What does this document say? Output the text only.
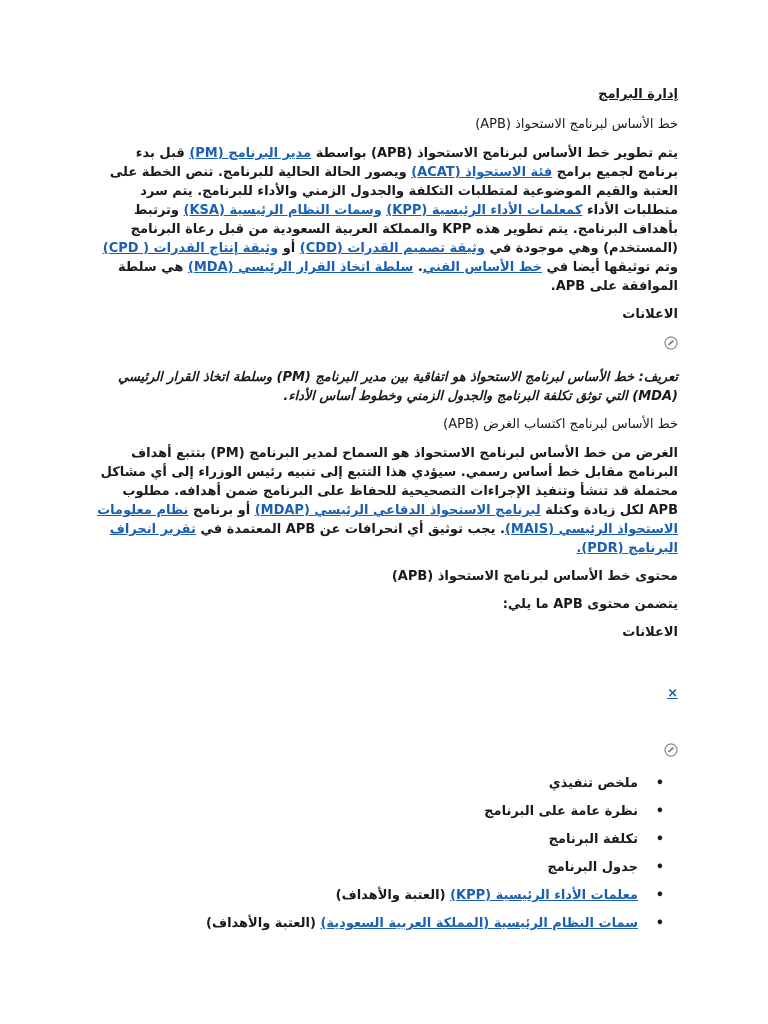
إدارة البرامج
خط الأساس لبرنامج الاستحواذ (APB)

يتم تطوير خط الأساس لبرنامج الاستحواذ (APB) بواسطة مدير البرنامج (PM) قبل بدء برنامج لجميع برامج فئة الاستحواذ (ACAT) ويصور الحالة الحالية للبرنامج. تنص الخطة على العتبة والقيم الموضوعية لمتطلبات التكلفة والجدول الزمني والأداء للبرنامج. يتم سرد متطلبات الأداء كمعلمات الأداء الرئيسية (KPP) وسمات النظام الرئيسية (KSA) وترتبط بأهداف البرنامج. يتم تطوير هذه KPP والمملكة العربية السعودية من قبل رعاة البرنامج (المستخدم) وهي موجودة في وثيقة تصميم القدرات (CDD) أو وثيقة إنتاج القدرات ( CPD) وتم توثيقها أيضا في خط الأساس الفني. سلطة اتخاذ القرار الرئيسي (MDA) هي سلطة الموافقة على APB.

الاعلانات

تعريف: خط الأساس لبرنامج الاستحواذ هو اتفاقية بين مدير البرنامج (PM) وسلطة اتخاذ القرار الرئيسي (MDA) التي توثق تكلفة البرنامج والجدول الزمني وخطوط أساس الأداء.

خط الأساس لبرنامج اكتساب الغرض (APB)

الغرض من خط الأساس لبرنامج الاستحواذ هو السماح لمدير البرنامج (PM) بتتبع أهداف البرنامج مقابل خط أساس رسمي. سيؤدي هذا التتبع إلى تنبيه رئيس الوزراء إلى أي مشاكل محتملة قد تنشأ وتنفيذ الإجراءات التصحيحية للحفاظ على البرنامج ضمن أهدافه. مطلوب APB لكل زيادة وكتلة لبرنامج الاستحواذ الدفاعي الرئيسي (MDAP) أو برنامج نظام معلومات الاستحواذ الرئيسي (MAIS). يجب توثيق أي انحرافات عن APB المعتمدة في تقرير انحراف البرنامج (PDR).

محتوى خط الأساس لبرنامج الاستحواذ (APB)
يتضمن محتوى APB ما يلي:
الاعلانات
×
• ملخص تنفيذي
• نظرة عامة على البرنامج
• تكلفة البرنامج
• جدول البرنامج
• معلمات الأداء الرئيسية (KPP) (العتبة والأهداف)
• سمات النظام الرئيسية (المملكة العربية السعودية) (العتبة والأهداف)
